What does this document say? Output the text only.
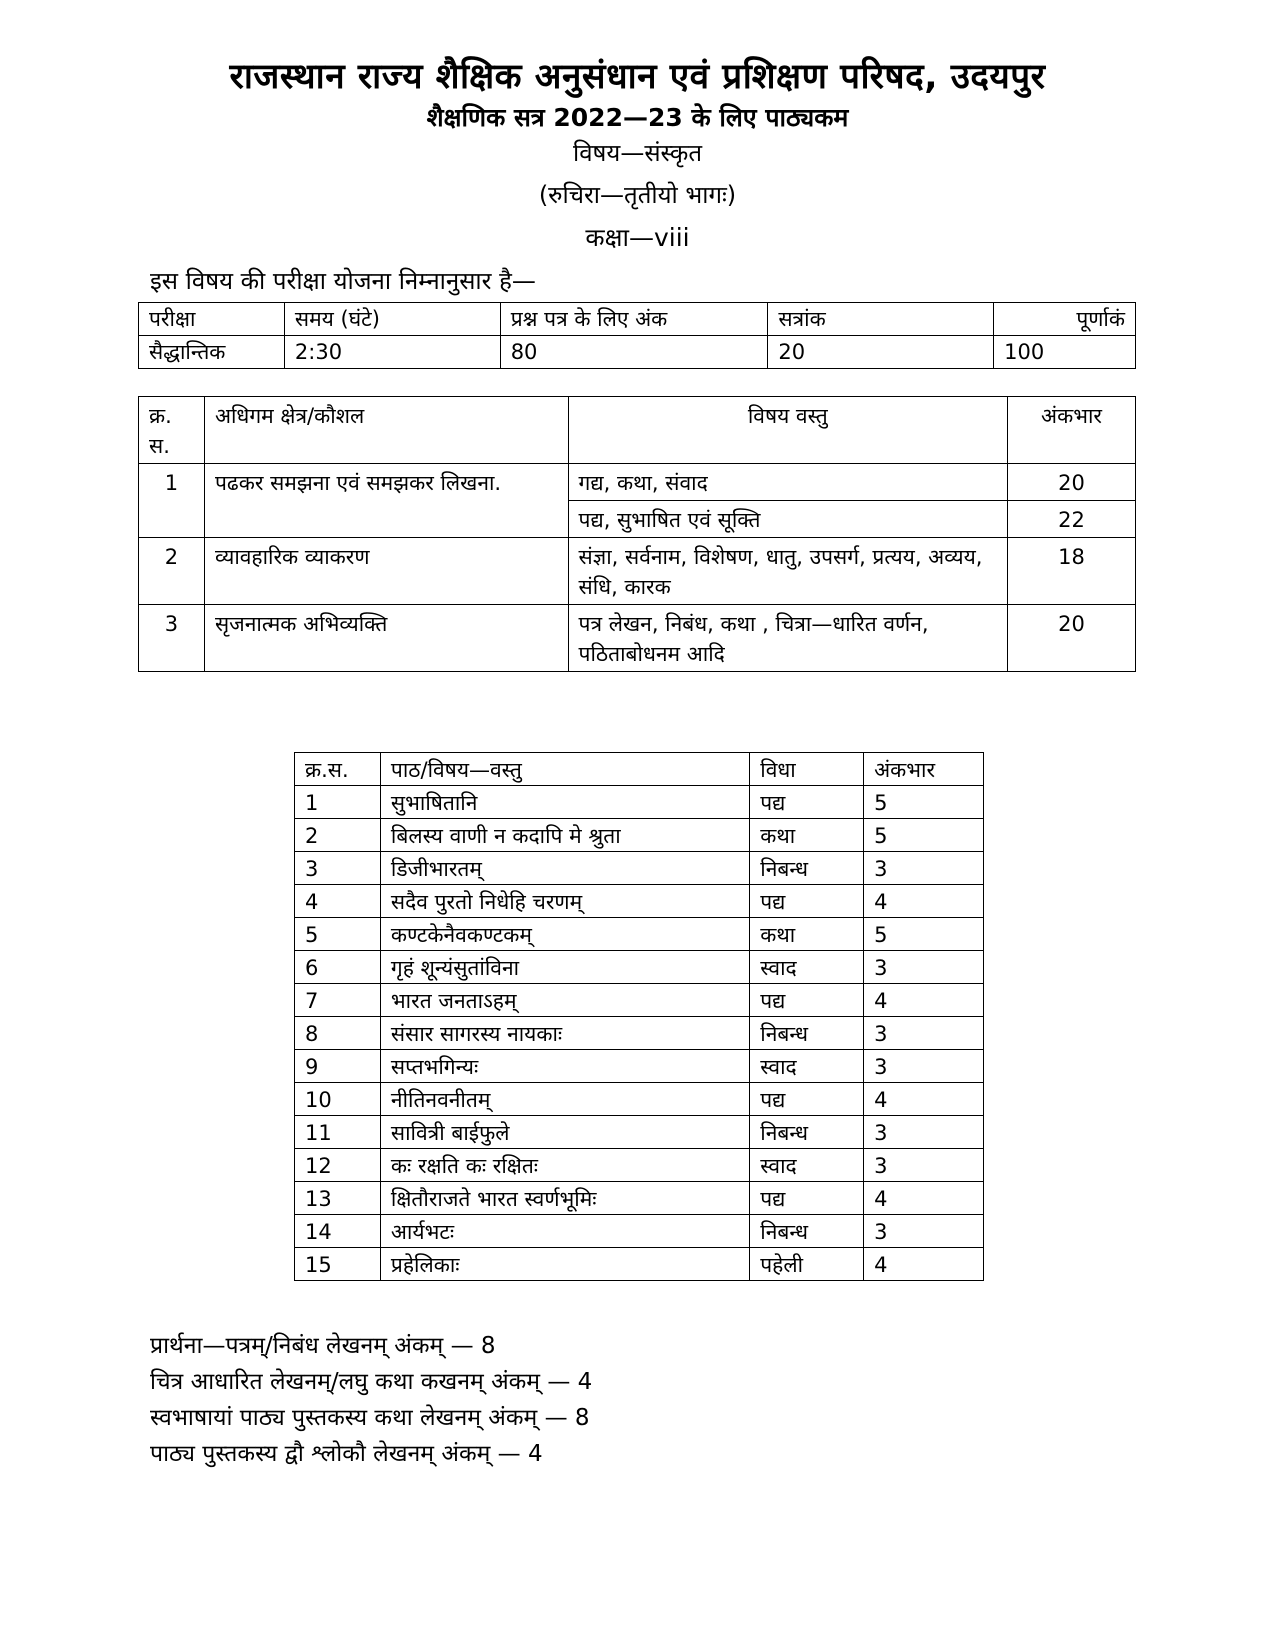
राजस्थान राज्य शैक्षिक अनुसंधान एवं प्रशिक्षण परिषद, उदयपुर
शैक्षणिक सत्र 2022—23 के लिए पाठ्यकम
विषय—संस्कृत
(रुचिरा—तृतीयो भागः)
कक्षा—viii
इस विषय की परीक्षा योजना निम्नानुसार है—
परीक्षा	समय (घंटे)	प्रश्न पत्र के लिए अंक	सत्रांक	पूर्णाकं
सैद्धान्तिक	2:30	80	20	100
क्र. स.	अधिगम क्षेत्र/कौशल	विषय वस्तु	अंकभार
1	पढकर समझना एवं समझकर लिखना.	गद्य, कथा, संवाद	20
		पद्य, सुभाषित एवं सूक्ति	22
2	व्यावहारिक व्याकरण	संज्ञा, सर्वनाम, विशेषण, धातु, उपसर्ग, प्रत्यय, अव्यय, संधि, कारक	18
3	सृजनात्मक अभिव्यक्ति	पत्र लेखन, निबंध, कथा , चित्रा—धारित वर्णन, पठिताबोधनम आदि	20
क्र.स.	पाठ/विषय—वस्तु	विधा	अंकभार
1	सुभाषितानि	पद्य	5
2	बिलस्य वाणी न कदापि मे श्रुता	कथा	5
3	डिजीभारतम्	निबन्ध	3
4	सदैव पुरतो निधेहि चरणम्	पद्य	4
5	कण्टकेनैवकण्टकम्	कथा	5
6	गृहं शून्यंसुतांविना	स्वाद	3
7	भारत जनताऽहम्	पद्य	4
8	संसार सागरस्य नायकाः	निबन्ध	3
9	सप्तभगिन्यः	स्वाद	3
10	नीतिनवनीतम्	पद्य	4
11	सावित्री बाईफुले	निबन्ध	3
12	कः रक्षति कः रक्षितः	स्वाद	3
13	क्षितौराजते भारत स्वर्णभूमिः	पद्य	4
14	आर्यभटः	निबन्ध	3
15	प्रहेलिकाः	पहेली	4
प्रार्थना—पत्रम्/निबंध लेखनम् अंकम् — 8
चित्र आधारित लेखनम्/लघु कथा कखनम् अंकम् — 4
स्वभाषायां पाठ्य पुस्तकस्य कथा लेखनम् अंकम् — 8
पाठ्य पुस्तकस्य द्वौ श्लोकौ लेखनम् अंकम् — 4
